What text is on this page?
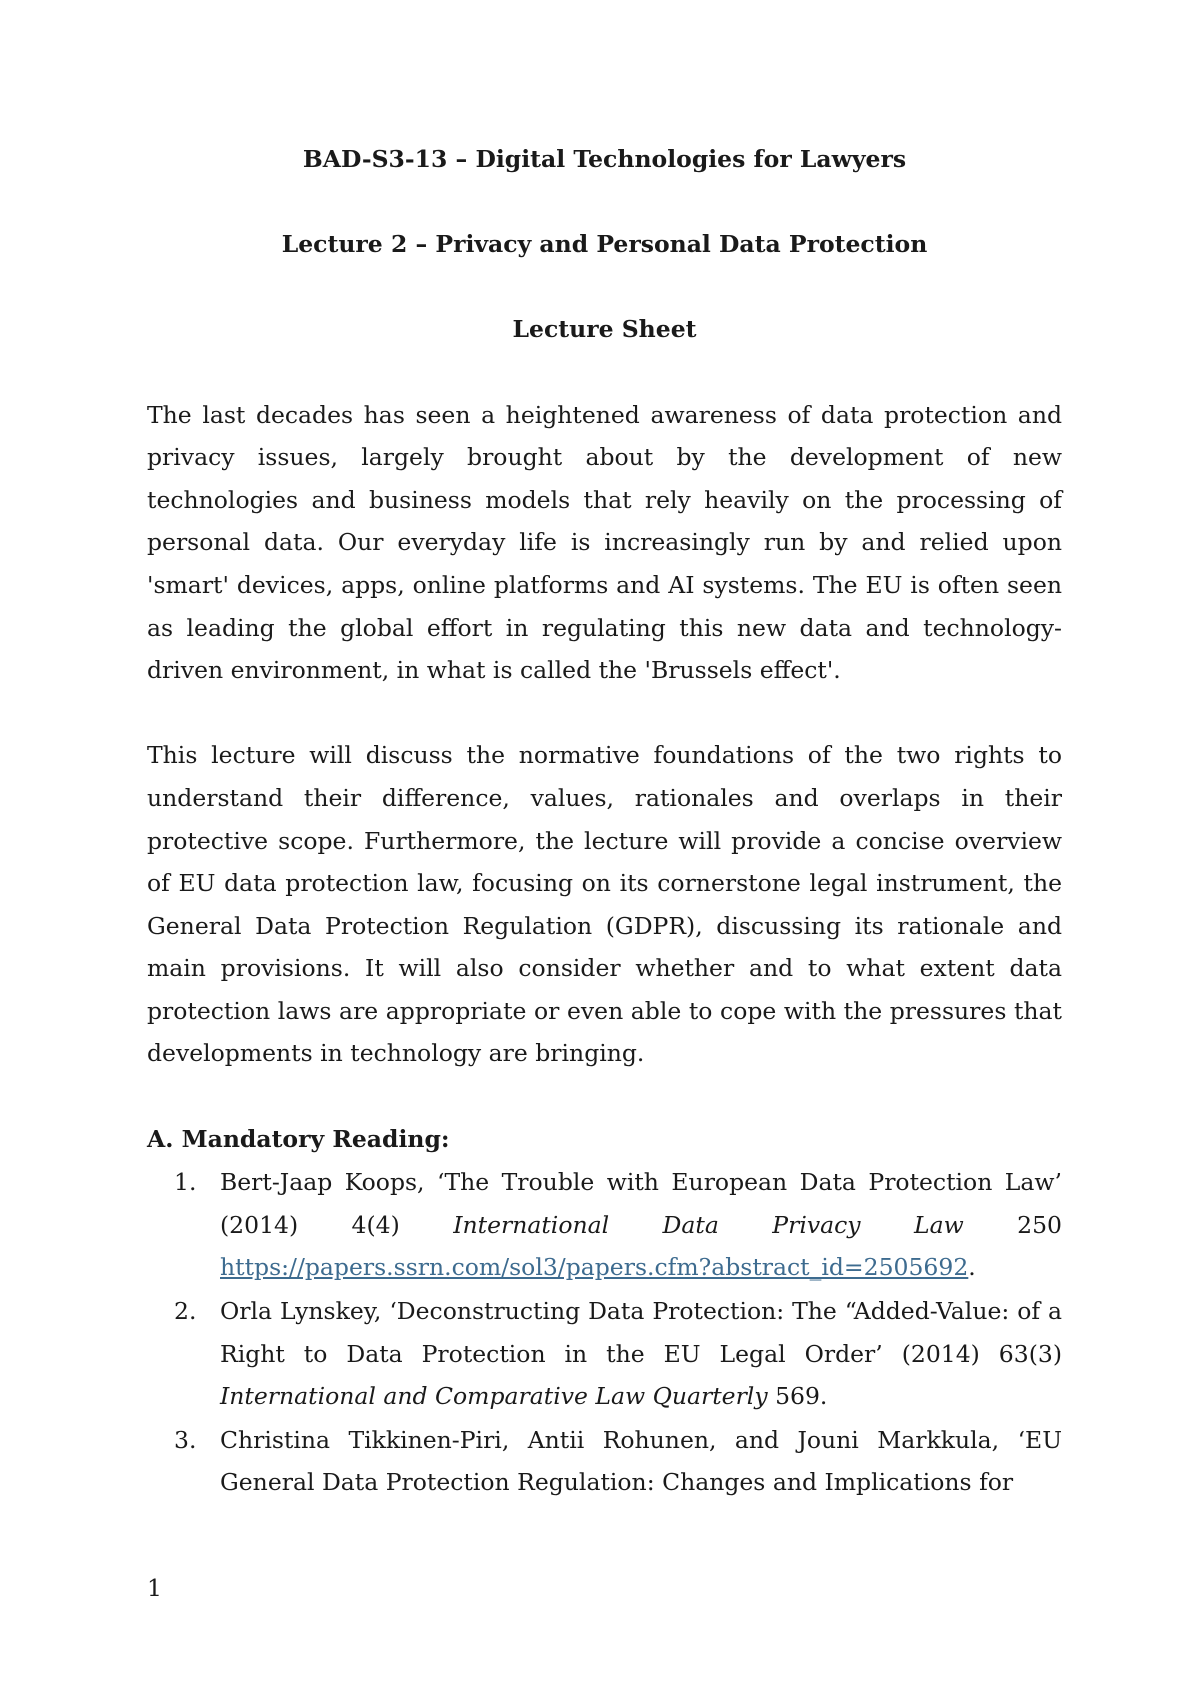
BAD-S3-13 – Digital Technologies for Lawyers

Lecture 2 – Privacy and Personal Data Protection

Lecture Sheet

The last decades has seen a heightened awareness of data protection and privacy issues, largely brought about by the development of new technologies and business models that rely heavily on the processing of personal data. Our everyday life is increasingly run by and relied upon 'smart' devices, apps, online platforms and AI systems. The EU is often seen as leading the global effort in regulating this new data and technology-driven environment, in what is called the 'Brussels effect'.

This lecture will discuss the normative foundations of the two rights to understand their difference, values, rationales and overlaps in their protective scope. Furthermore, the lecture will provide a concise overview of EU data protection law, focusing on its cornerstone legal instrument, the General Data Protection Regulation (GDPR), discussing its rationale and main provisions. It will also consider whether and to what extent data protection laws are appropriate or even able to cope with the pressures that developments in technology are bringing.

A. Mandatory Reading:

1. Bert-Jaap Koops, ‘The Trouble with European Data Protection Law’ (2014) 4(4) International Data Privacy Law 250 https://papers.ssrn.com/sol3/papers.cfm?abstract_id=2505692.
2. Orla Lynskey, ‘Deconstructing Data Protection: The “Added-Value: of a Right to Data Protection in the EU Legal Order’ (2014) 63(3) International and Comparative Law Quarterly 569.
3. Christina Tikkinen-Piri, Antii Rohunen, and Jouni Markkula, ‘EU General Data Protection Regulation: Changes and Implications for
1
